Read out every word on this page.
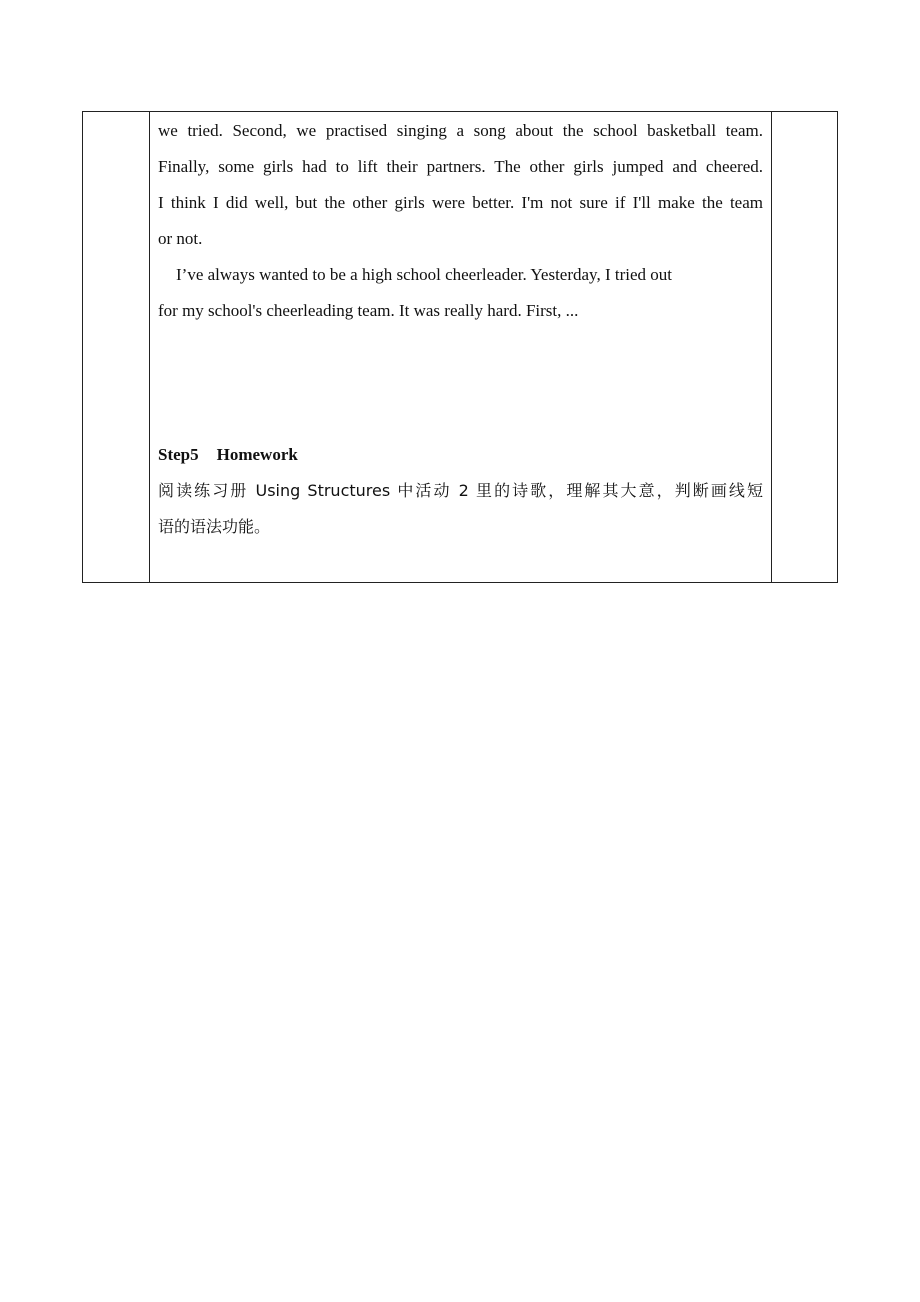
we tried. Second, we practised singing a song about the school basketball team.
Finally, some girls had to lift their partners. The other girls jumped and cheered.
I think I did well, but the other girls were better. I'm not sure if I'll make the team
or not.
I’ve always wanted to be a high school cheerleader. Yesterday, I tried out
for my school's cheerleading team. It was really hard. First, ...

Step5 Homework

阅读练习册 Using Structures 中活动 2 里的诗歌，理解其大意，判断画线短
语的语法功能。
